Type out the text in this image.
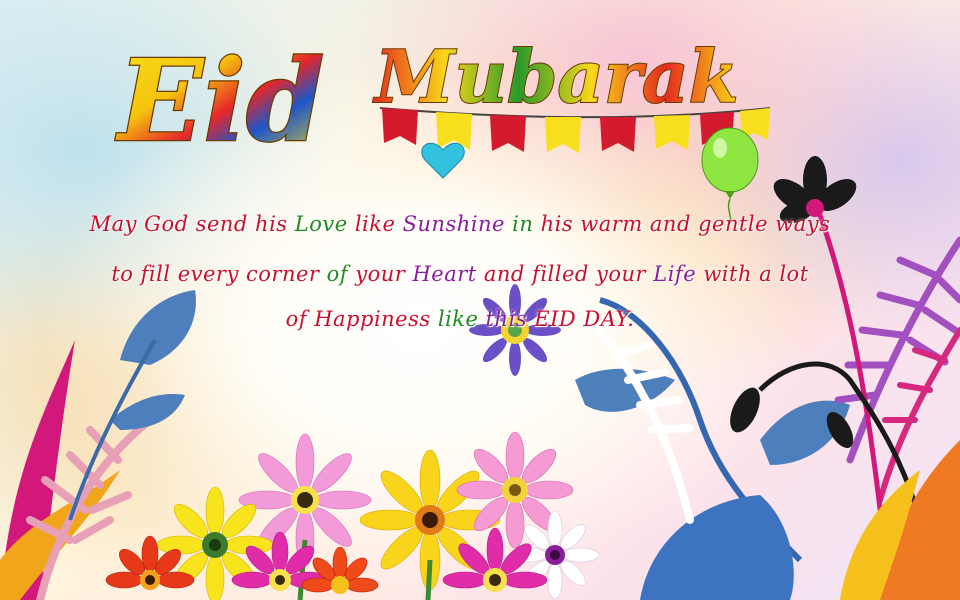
Eid Mubarak
May God send his Love like Sunshine in his warm and gentle ways
to fill every corner of your Heart and filled your Life with a lot
of Happiness like this EID DAY.
